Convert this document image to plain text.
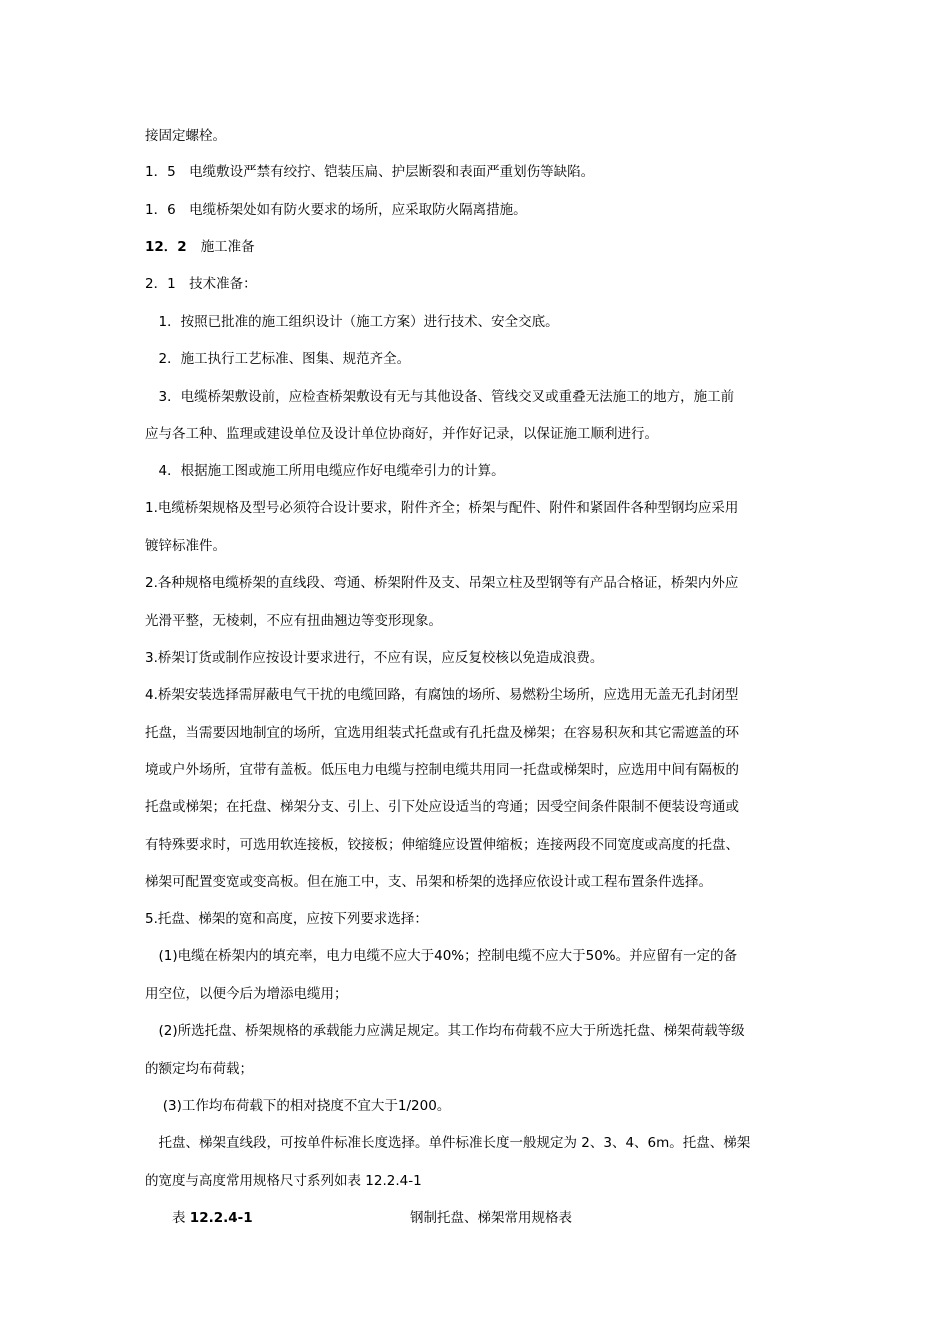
接固定螺栓。
1．5　电缆敷设严禁有绞拧、铠装压扁、护层断裂和表面严重划伤等缺陷。
1．6　电缆桥架处如有防火要求的场所，应采取防火隔离措施。
12．2 施工准备
2．1　技术准备：
　1．按照已批准的施工组织设计（施工方案）进行技术、安全交底。
　2．施工执行工艺标准、图集、规范齐全。
　3．电缆桥架敷设前，应检查桥架敷设有无与其他设备、管线交叉或重叠无法施工的地方，施工前
应与各工种、监理或建设单位及设计单位协商好，并作好记录，以保证施工顺利进行。
　4．根据施工图或施工所用电缆应作好电缆牵引力的计算。
1.电缆桥架规格及型号必须符合设计要求，附件齐全；桥架与配件、附件和紧固件各种型钢均应采用
镀锌标准件。
2.各种规格电缆桥架的直线段、弯通、桥架附件及支、吊架立柱及型钢等有产品合格证，桥架内外应
光滑平整，无棱刺，不应有扭曲翘边等变形现象。
3.桥架订货或制作应按设计要求进行，不应有误，应反复校核以免造成浪费。
4.桥架安装选择需屏蔽电气干扰的电缆回路，有腐蚀的场所、易燃粉尘场所，应选用无盖无孔封闭型
托盘，当需要因地制宜的场所，宜选用组装式托盘或有孔托盘及梯架；在容易积灰和其它需遮盖的环
境或户外场所，宜带有盖板。低压电力电缆与控制电缆共用同一托盘或梯架时，应选用中间有隔板的
托盘或梯架；在托盘、梯架分支、引上、引下处应设适当的弯通；因受空间条件限制不便装设弯通或
有特殊要求时，可选用软连接板，铰接板；伸缩缝应设置伸缩板；连接两段不同宽度或高度的托盘、
梯架可配置变宽或变高板。但在施工中，支、吊架和桥架的选择应依设计或工程布置条件选择。
5.托盘、梯架的宽和高度，应按下列要求选择：
　(1)电缆在桥架内的填充率，电力电缆不应大于40%；控制电缆不应大于50%。并应留有一定的备
用空位，以便今后为增添电缆用；
　(2)所选托盘、桥架规格的承载能力应满足规定。其工作均布荷载不应大于所选托盘、梯架荷载等级
的额定均布荷载；
　 (3)工作均布荷载下的相对挠度不宜大于1/200。
　托盘、梯架直线段，可按单件标准长度选择。单件标准长度一般规定为 2、3、4、6m。托盘、梯架
的宽度与高度常用规格尺寸系列如表 12.2.4-1
表 12.2.4-1	钢制托盘、梯架常用规格表
